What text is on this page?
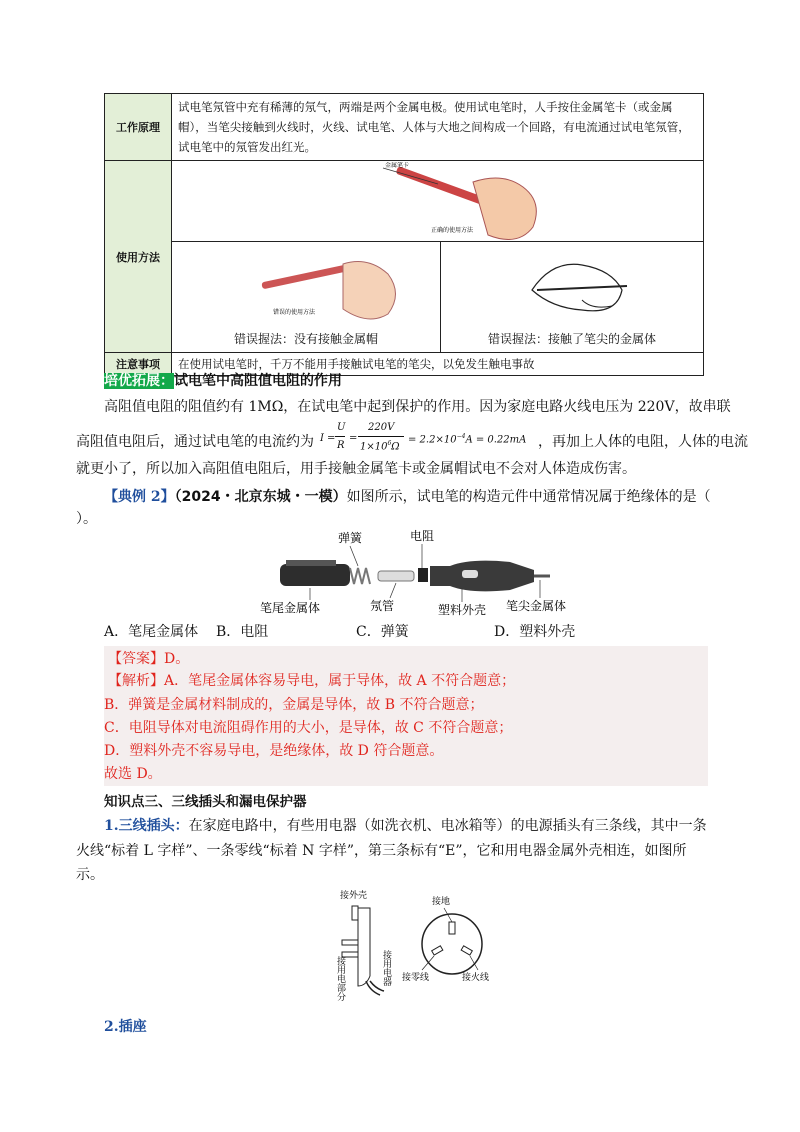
工作原理	试电笔氖管中充有稀薄的氖气，两端是两个金属电极。使用试电笔时，人手按住金属笔卡（或金属帽），当笔尖接触到火线时，火线、试电笔、人体与大地之间构成一个回路，有电流通过试电笔氖管，试电笔中的氖管发出红光。	
使用方法	金属笔卡
正确的使用方法	

错误的使用方法
错误握法：没有接触金属帽	错误握法：接触了笔尖的金属体

注意事项	在使用试电笔时，千万不能用手接触试电笔的笔尖，以免发生触电事故	
培优拓展：试电笔中高阻值电阻的作用
高阻值电阻的阻值约有 1MΩ，在试电笔中起到保护的作用。因为家庭电路火线电压为 220V，故串联
高阻值电阻后，通过试电笔的电流约为 I =
U
R
=
220V
$1\times 10^6\Omega$
= $2.2\times 10^{-4}A = 0.22mA$ ，再加上人体的电阻，人体的电流
就更小了，所以加入高阻值电阻后，用手接触金属笔卡或金属帽试电不会对人体造成伤害。
【典例 2】（2024・北京东城・一模）如图所示，试电笔的构造元件中通常情况属于绝缘体的是（
）。
弹簧	电阻
笔尾金属体	氖管	塑料外壳 笔尖金属体
A．笔尾金属体 B．电阻	C．弹簧	D．塑料外壳
【答案】D。
【解析】A．笔尾金属体容易导电，属于导体，故 A 不符合题意；
B．弹簧是金属材料制成的，金属是导体，故 B 不符合题意；
C．电阻导体对电流阻碍作用的大小，是导体，故 C 不符合题意；
D．塑料外壳不容易导电，是绝缘体，故 D 符合题意。
故选 D。
知识点三、三线插头和漏电保护器
1.三线插头：在家庭电路中，有些用电器（如洗衣机、电冰箱等）的电源插头有三条线，其中一条
火线“标着 L 字样”、一条零线“标着 N 字样”，第三条标有“E”，它和用电器金属外壳相连，如图所
示。
接外壳
接用电部分	接用电器
接地
接零线	接火线
2.插座
